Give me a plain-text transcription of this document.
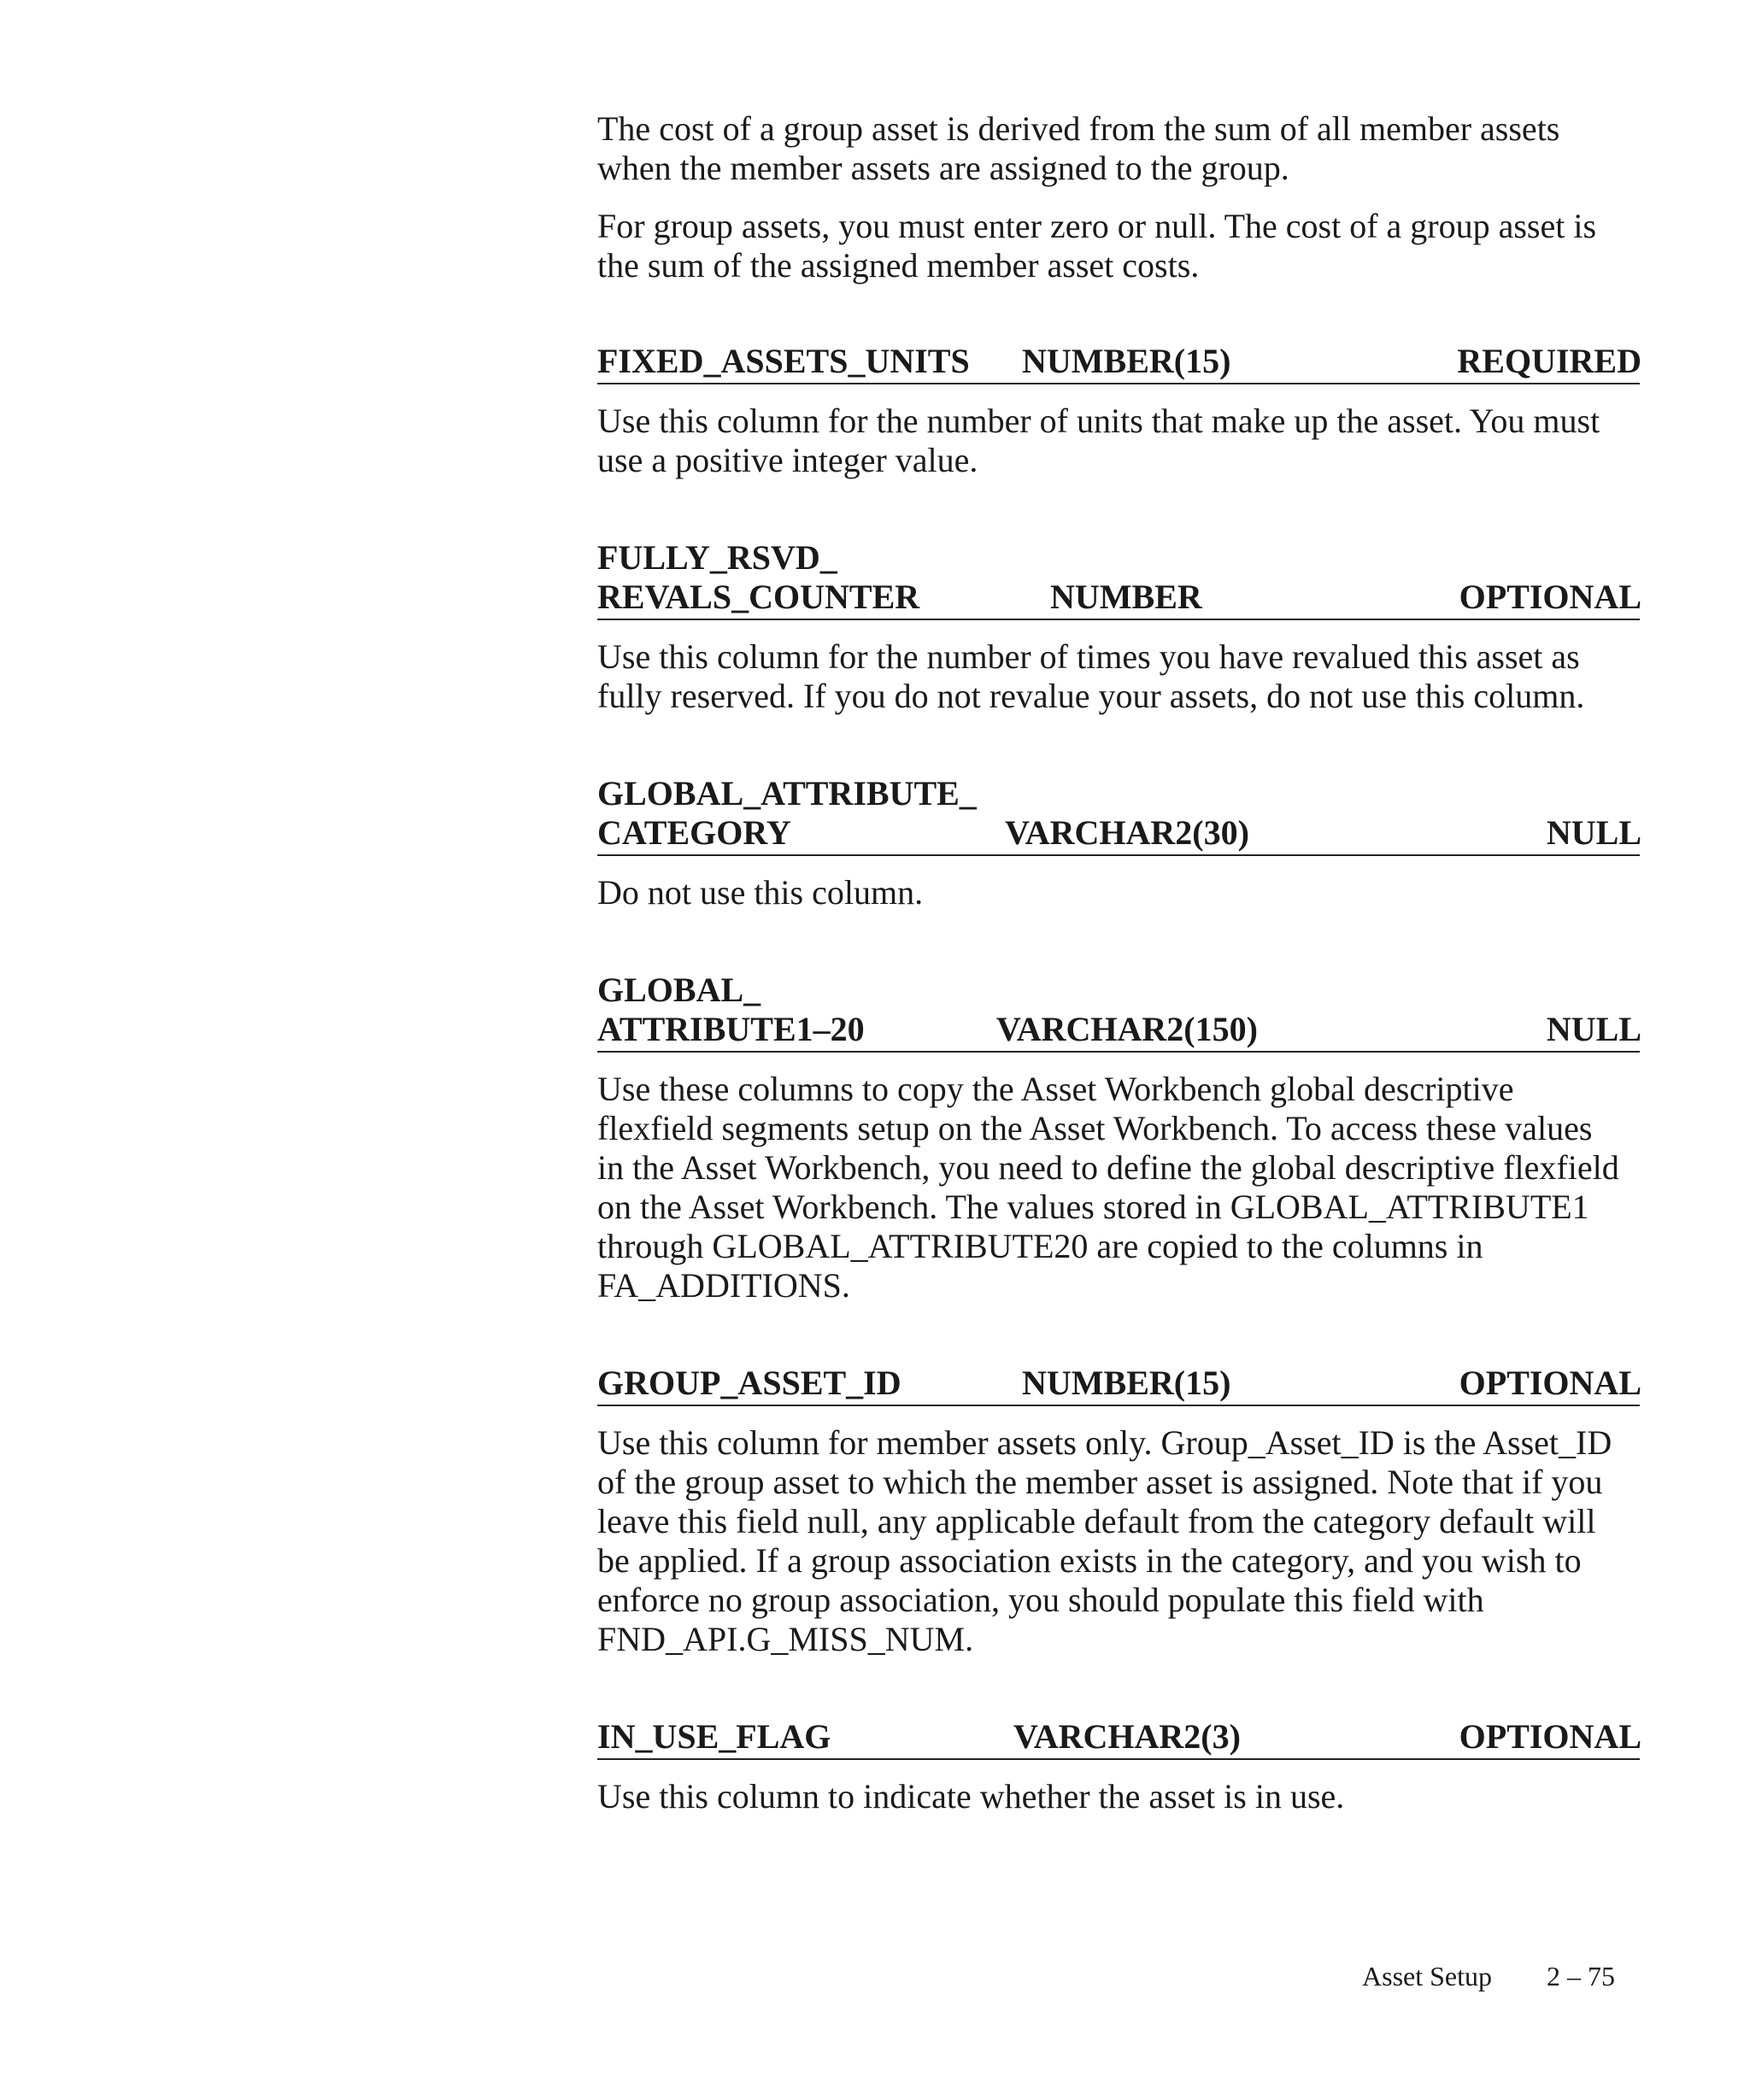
The cost of a group asset is derived from the sum of all member assets when the member assets are assigned to the group.

For group assets, you must enter zero or null. The cost of a group asset is the sum of the assigned member asset costs.

FIXED_ASSETS_UNITS NUMBER(15)	REQUIRED

Use this column for the number of units that make up the asset. You must use a positive integer value.

FULLY_RSVD_
REVALS_COUNTER	NUMBER	OPTIONAL

Use this column for the number of times you have revalued this asset as fully reserved. If you do not revalue your assets, do not use this column.

GLOBAL_ATTRIBUTE_
CATEGORY	VARCHAR2(30)	NULL

Do not use this column.

GLOBAL_
ATTRIBUTE1–20	VARCHAR2(150)	NULL

Use these columns to copy the Asset Workbench global descriptive flexfield segments setup on the Asset Workbench. To access these values in the Asset Workbench, you need to define the global descriptive flexfield on the Asset Workbench. The values stored in GLOBAL_ATTRIBUTE1 through GLOBAL_ATTRIBUTE20 are copied to the columns in FA_ADDITIONS.

GROUP_ASSET_ID	NUMBER(15)	OPTIONAL

Use this column for member assets only. Group_Asset_ID is the Asset_ID of the group asset to which the member asset is assigned. Note that if you leave this field null, any applicable default from the category default will be applied. If a group association exists in the category, and you wish to enforce no group association, you should populate this field with FND_API.G_MISS_NUM.

IN_USE_FLAG	VARCHAR2(3)	OPTIONAL

Use this column to indicate whether the asset is in use.

Asset Setup 2 – 75
